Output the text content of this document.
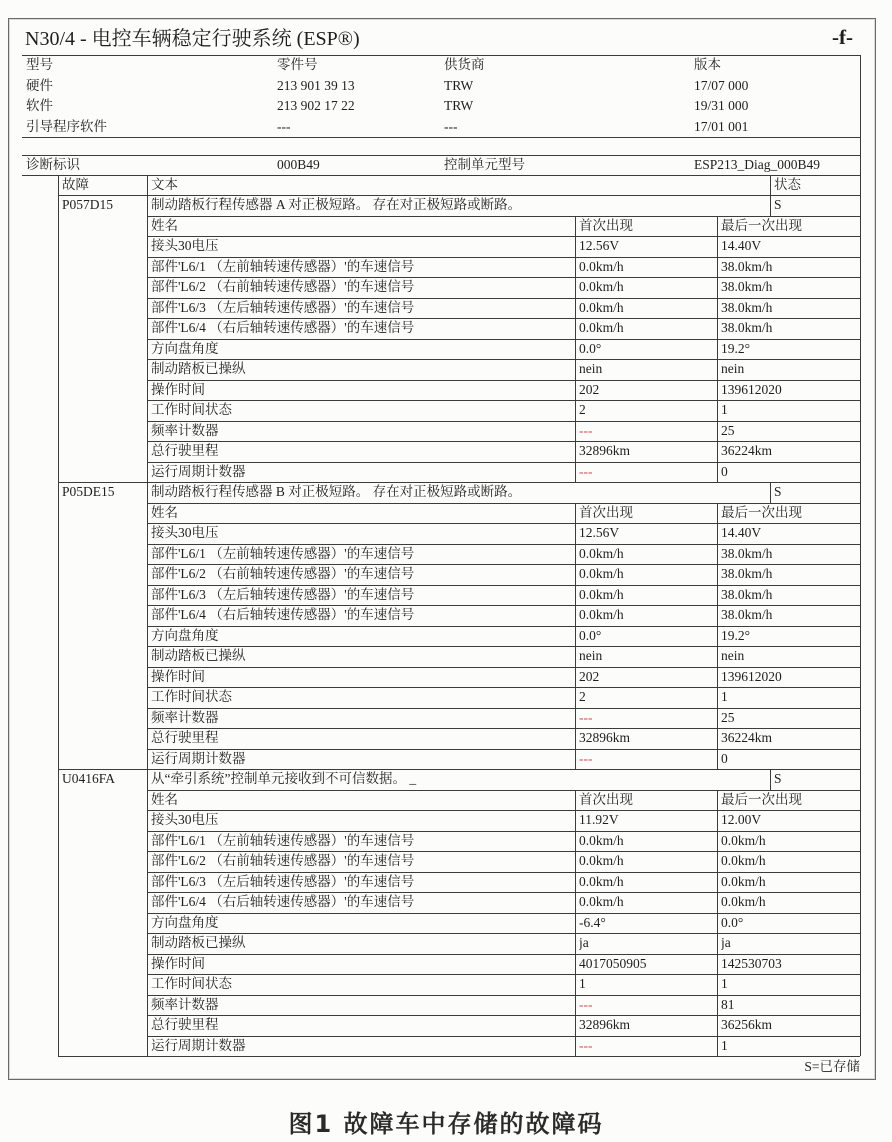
N30/4 - 电控车辆稳定行驶系统 (ESP®)	-f-
型号	零件号	供货商	版本
硬件	213 901 39 13	TRW	17/07 000
软件	213 902 17 22	TRW	19/31 000
引导程序软件	---	---	17/01 001
诊断标识	000B49	控制单元型号	ESP213_Diag_000B49
故障	文本	状态
P057D15	制动踏板行程传感器 A 对正极短路。 存在对正极短路或断路。	S
姓名	首次出现	最后一次出现
接头30电压	12.56V	14.40V
部件'L6/1 （左前轴转速传感器）'的车速信号	0.0km/h	38.0km/h
部件'L6/2 （右前轴转速传感器）'的车速信号	0.0km/h	38.0km/h
部件'L6/3 （左后轴转速传感器）'的车速信号	0.0km/h	38.0km/h
部件'L6/4 （右后轴转速传感器）'的车速信号	0.0km/h	38.0km/h
方向盘角度	0.0°	19.2°
制动踏板已操纵	nein	nein
操作时间	202	139612020
工作时间状态	2	1
频率计数器	---	25
总行驶里程	32896km	36224km
运行周期计数器	---	0
P05DE15	制动踏板行程传感器 B 对正极短路。 存在对正极短路或断路。	S
姓名	首次出现	最后一次出现
接头30电压	12.56V	14.40V
部件'L6/1 （左前轴转速传感器）'的车速信号	0.0km/h	38.0km/h
部件'L6/2 （右前轴转速传感器）'的车速信号	0.0km/h	38.0km/h
部件'L6/3 （左后轴转速传感器）'的车速信号	0.0km/h	38.0km/h
部件'L6/4 （右后轴转速传感器）'的车速信号	0.0km/h	38.0km/h
方向盘角度	0.0°	19.2°
制动踏板已操纵	nein	nein
操作时间	202	139612020
工作时间状态	2	1
频率计数器	---	25
总行驶里程	32896km	36224km
运行周期计数器	---	0
U0416FA	从“牵引系统”控制单元接收到不可信数据。 _	S
姓名	首次出现	最后一次出现
接头30电压	11.92V	12.00V
部件'L6/1 （左前轴转速传感器）'的车速信号	0.0km/h	0.0km/h
部件'L6/2 （右前轴转速传感器）'的车速信号	0.0km/h	0.0km/h
部件'L6/3 （左后轴转速传感器）'的车速信号	0.0km/h	0.0km/h
部件'L6/4 （右后轴转速传感器）'的车速信号	0.0km/h	0.0km/h
方向盘角度	-6.4°	0.0°
制动踏板已操纵	ja	ja
操作时间	4017050905	142530703
工作时间状态	1	1
频率计数器	---	81
总行驶里程	32896km	36256km
运行周期计数器	---	1
S=已存储
图1 故障车中存储的故障码
